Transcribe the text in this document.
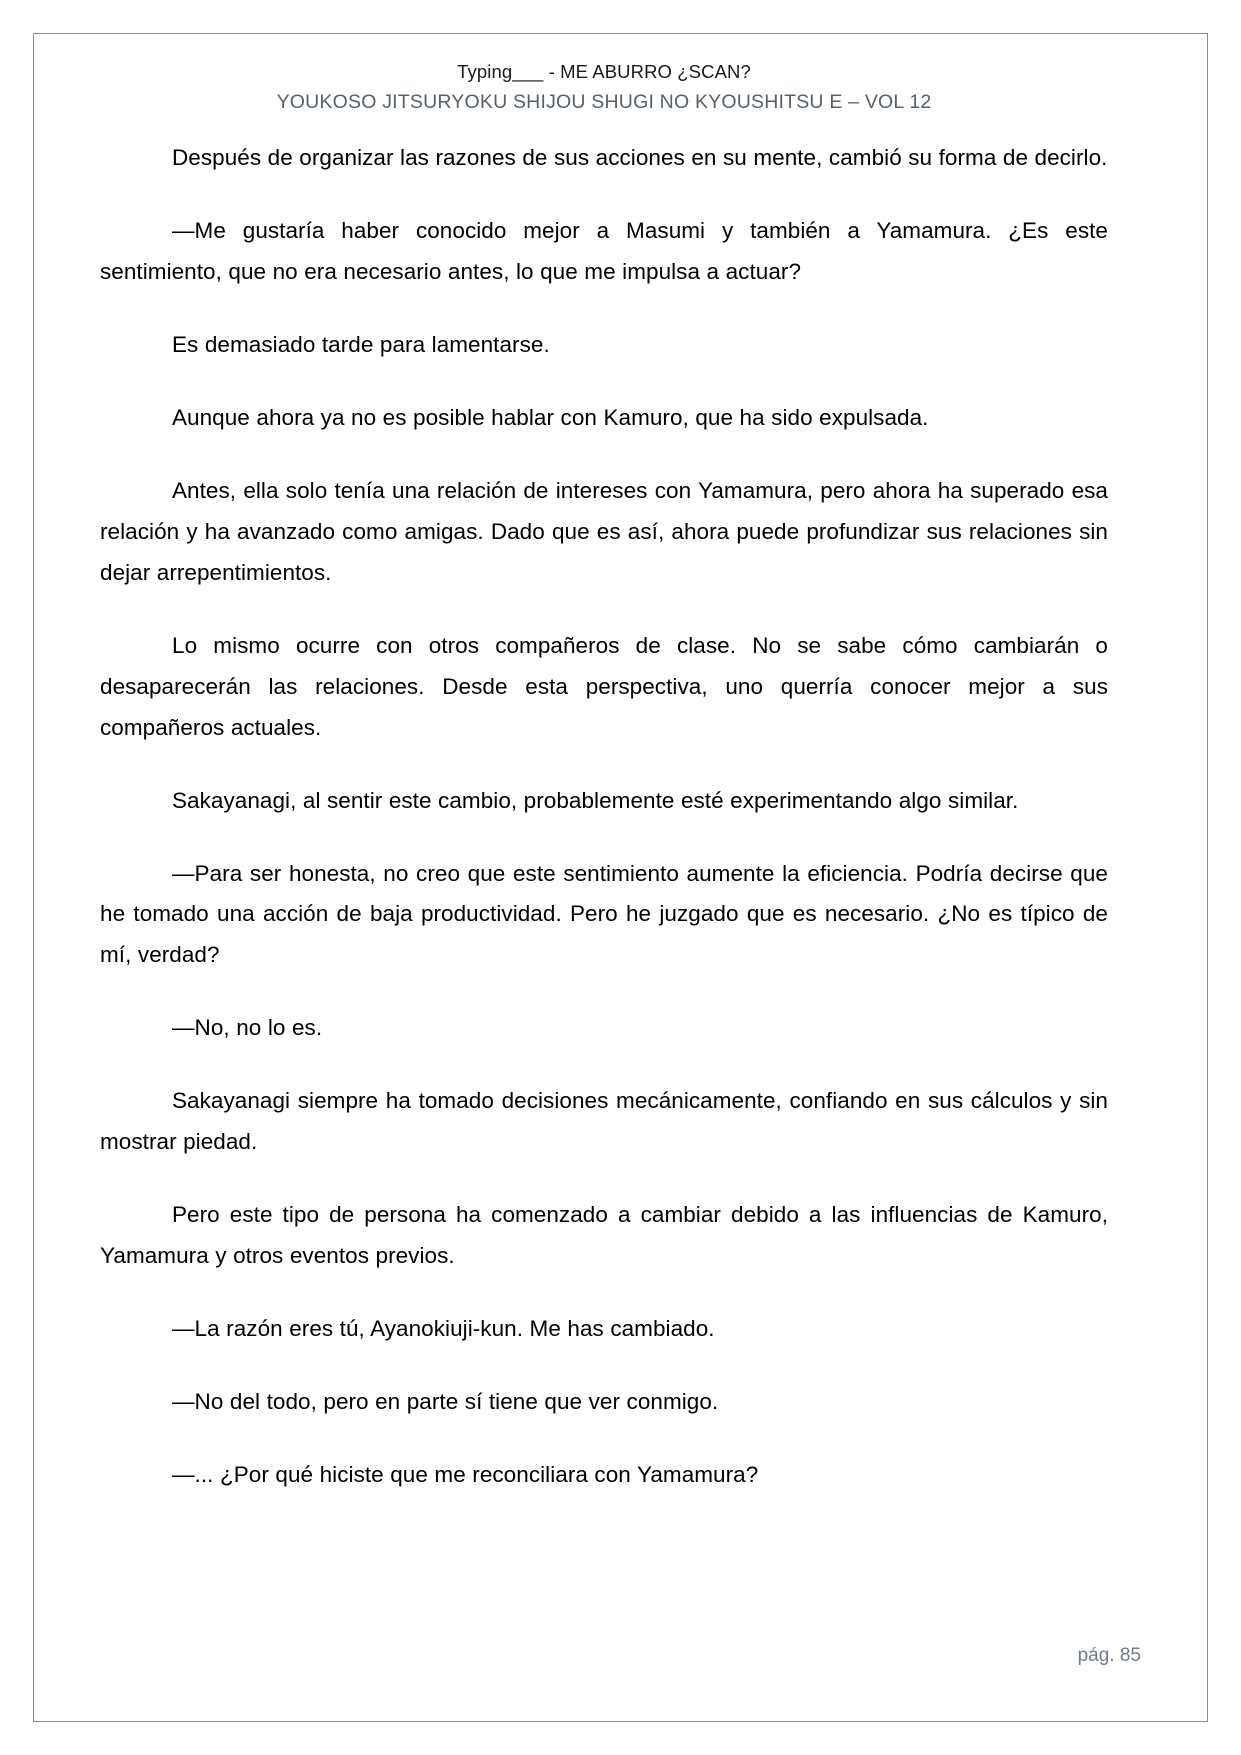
Typing___ - ME ABURRO ¿SCAN?
YOUKOSO JITSURYOKU SHIJOU SHUGI NO KYOUSHITSU E – VOL 12

Después de organizar las razones de sus acciones en su mente, cambió su forma de decirlo.

—Me gustaría haber conocido mejor a Masumi y también a Yamamura. ¿Es este sentimiento, que no era necesario antes, lo que me impulsa a actuar?

Es demasiado tarde para lamentarse.

Aunque ahora ya no es posible hablar con Kamuro, que ha sido expulsada.

Antes, ella solo tenía una relación de intereses con Yamamura, pero ahora ha superado esa relación y ha avanzado como amigas. Dado que es así, ahora puede profundizar sus relaciones sin dejar arrepentimientos.

Lo mismo ocurre con otros compañeros de clase. No se sabe cómo cambiarán o desaparecerán las relaciones. Desde esta perspectiva, uno querría conocer mejor a sus compañeros actuales.

Sakayanagi, al sentir este cambio, probablemente esté experimentando algo similar.

—Para ser honesta, no creo que este sentimiento aumente la eficiencia. Podría decirse que he tomado una acción de baja productividad. Pero he juzgado que es necesario. ¿No es típico de mí, verdad?

—No, no lo es.

Sakayanagi siempre ha tomado decisiones mecánicamente, confiando en sus cálculos y sin mostrar piedad.

Pero este tipo de persona ha comenzado a cambiar debido a las influencias de Kamuro, Yamamura y otros eventos previos.

—La razón eres tú, Ayanokiuji-kun. Me has cambiado.

—No del todo, pero en parte sí tiene que ver conmigo.

—... ¿Por qué hiciste que me reconciliara con Yamamura?

pág. 85
